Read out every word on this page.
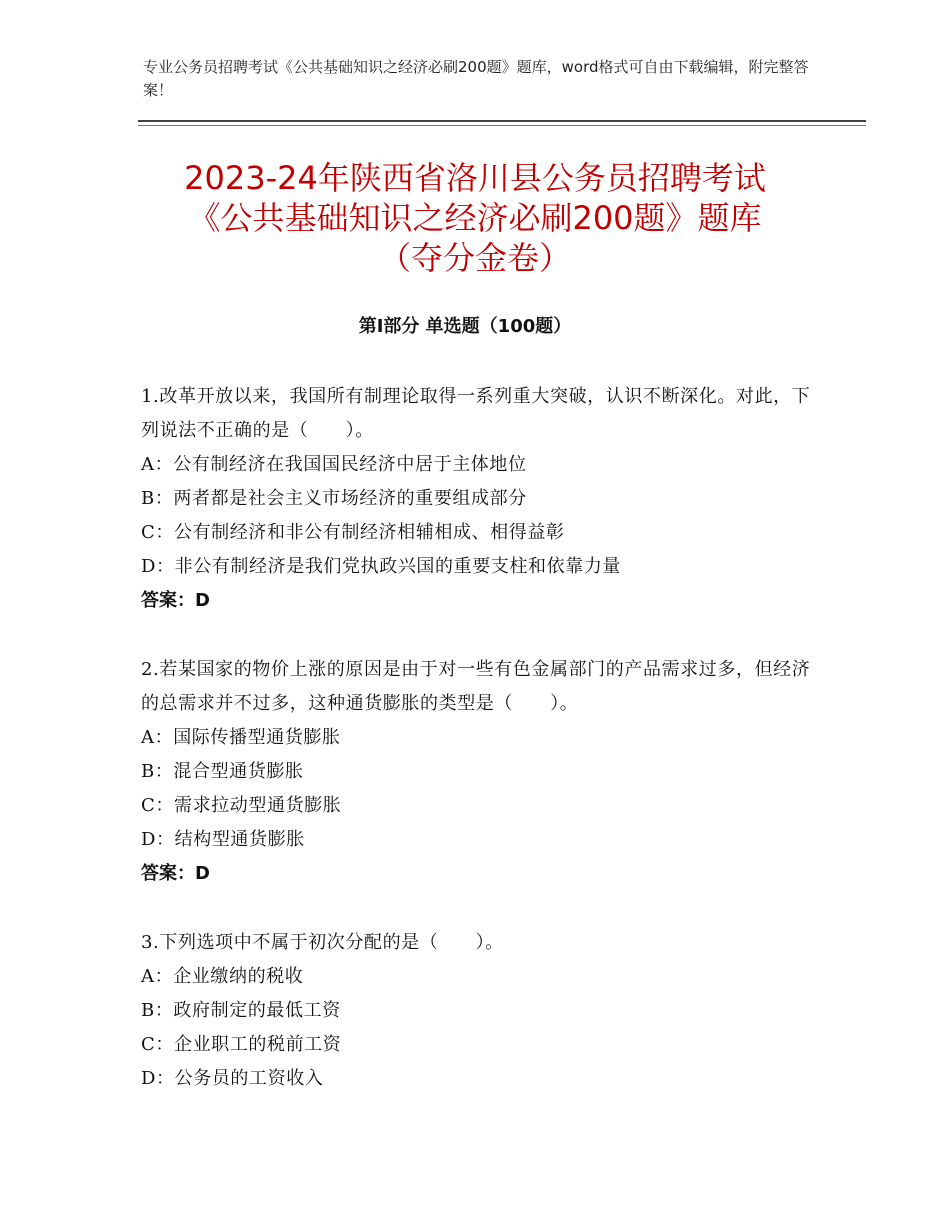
专业公务员招聘考试《公共基础知识之经济必刷200题》题库，word格式可自由下载编辑，附完整答案！
2023-24年陕西省洛川县公务员招聘考试
《公共基础知识之经济必刷200题》题库
（夺分金卷）
第Ⅰ部分 单选题（100题）
1.改革开放以来，我国所有制理论取得一系列重大突破，认识不断深化。对此，下列说法不正确的是（　　）。
A：公有制经济在我国国民经济中居于主体地位
B：两者都是社会主义市场经济的重要组成部分
C：公有制经济和非公有制经济相辅相成、相得益彰
D：非公有制经济是我们党执政兴国的重要支柱和依靠力量
答案：D
2.若某国家的物价上涨的原因是由于对一些有色金属部门的产品需求过多，但经济的总需求并不过多，这种通货膨胀的类型是（　　）。
A：国际传播型通货膨胀
B：混合型通货膨胀
C：需求拉动型通货膨胀
D：结构型通货膨胀
答案：D
3.下列选项中不属于初次分配的是（　　）。
A：企业缴纳的税收
B：政府制定的最低工资
C：企业职工的税前工资
D：公务员的工资收入
